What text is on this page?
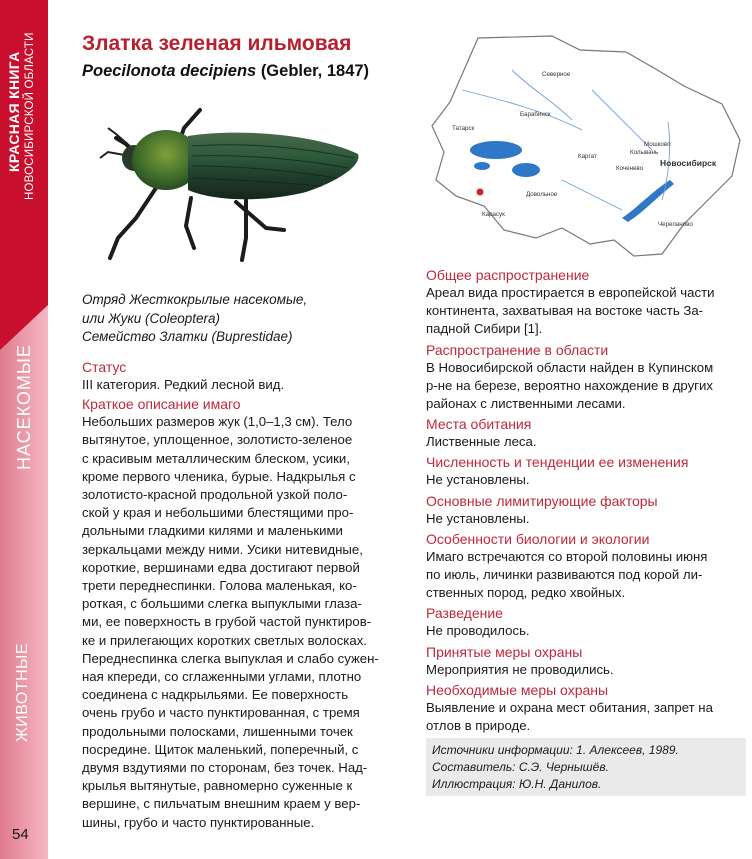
КРАСНАЯ КНИГА НОВОСИБИРСКОЙ ОБЛАСТИ
НАСЕКОМЫЕ
ЖИВОТНЫЕ
54
Златка зеленая ильмовая
Poecilonota decipiens (Gebler, 1847)	Северное
Татарск
Барабинск
Каргат
Мошково
Коченево
Колывань
Новосибирск
Довольное
Карасук
Черепаново
Отряд Жесткокрылые насекомые,
или Жуки (Coleoptera)
Семейство Златки (Buprestidae)
Статус
III категория. Редкий лесной вид.
Краткое описание имаго
Небольших размеров жук (1,0–1,3 см). Тело
вытянутое, уплощенное, золотисто-зеленое
с красивым металлическим блеском, усики,
кроме первого членика, бурые. Надкрылья с
золотисто-красной продольной узкой поло-
ской у края и небольшими блестящими про-
дольными гладкими килями и маленькими
зеркальцами между ними. Усики нитевидные,
короткие, вершинами едва достигают первой
трети переднеспинки. Голова маленькая, ко-
роткая, с большими слегка выпуклыми глаза-
ми, ее поверхность в грубой частой пунктиров-
ке и прилегающих коротких светлых волосках.
Переднеспинка слегка выпуклая и слабо сужен-
ная кпереди, со сглаженными углами, плотно
соединена с надкрыльями. Ее поверхность
очень грубо и часто пунктированная, с тремя
продольными полосками, лишенными точек
посредине. Щиток маленький, поперечный, с
двумя вздутиями по сторонам, без точек. Над-
крылья вытянутые, равномерно суженные к
вершине, с пильчатым внешним краем у вер-
шины, грубо и часто пунктированные.
Общее распространение
Ареал вида простирается в европейской части
континента, захватывая на востоке часть За-
падной Сибири [1].
Распространение в области
В Новосибирской области найден в Купинском
р-не на березе, вероятно нахождение в других
районах с лиственными лесами.
Места обитания
Лиственные леса.
Численность и тенденции ее изменения
Не установлены.
Основные лимитирующие факторы
Не установлены.
Особенности биологии и экологии
Имаго встречаются со второй половины июня
по июль, личинки развиваются под корой ли-
ственных пород, редко хвойных.
Разведение
Не проводилось.
Принятые меры охраны
Мероприятия не проводились.
Необходимые меры охраны
Выявление и охрана мест обитания, запрет на
отлов в природе.
Источники информации: 1. Алексеев, 1989.
Составитель: С.Э. Чернышёв.
Иллюстрация: Ю.Н. Данилов.
